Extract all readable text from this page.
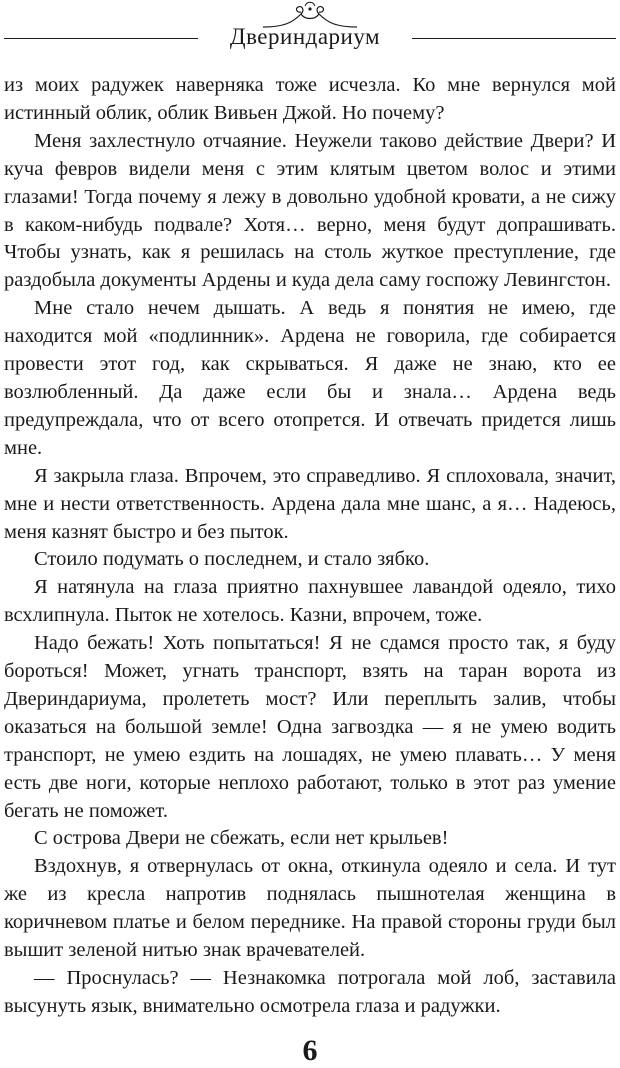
Двериндариум

из моих радужек наверняка тоже исчезла. Ко мне вернулся мой истинный облик, облик Вивьен Джой. Но почему?

Меня захлестнуло отчаяние. Неужели таково действие Двери? И куча февров видели меня с этим клятым цветом волос и этими глазами! Тогда почему я лежу в довольно удобной кровати, а не сижу в каком-нибудь подвале? Хотя… верно, меня будут допрашивать. Чтобы узнать, как я решилась на столь жуткое преступление, где раздобыла документы Ардены и куда дела саму госпожу Левингстон.

Мне стало нечем дышать. А ведь я понятия не имею, где находится мой «подлинник». Ардена не говорила, где собирается провести этот год, как скрываться. Я даже не знаю, кто ее возлюбленный. Да даже если бы и знала… Ардена ведь предупреждала, что от всего отопрется. И отвечать придется лишь мне.

Я закрыла глаза. Впрочем, это справедливо. Я сплоховала, значит, мне и нести ответственность. Ардена дала мне шанс, а я… Надеюсь, меня казнят быстро и без пыток.

Стоило подумать о последнем, и стало зябко.

Я натянула на глаза приятно пахнувшее лавандой одеяло, тихо всхлипнула. Пыток не хотелось. Казни, впрочем, тоже.

Надо бежать! Хоть попытаться! Я не сдамся просто так, я буду бороться! Может, угнать транспорт, взять на таран ворота из Двериндариума, пролететь мост? Или переплыть залив, чтобы оказаться на большой земле! Одна загвоздка — я не умею водить транспорт, не умею ездить на лошадях, не умею плавать… У меня есть две ноги, которые неплохо работают, только в этот раз умение бегать не поможет.

С острова Двери не сбежать, если нет крыльев!

Вздохнув, я отвернулась от окна, откинула одеяло и села. И тут же из кресла напротив поднялась пышнотелая женщина в коричневом платье и белом переднике. На правой стороны груди был вышит зеленой нитью знак врачевателей.

— Проснулась? — Незнакомка потрогала мой лоб, заставила высунуть язык, внимательно осмотрела глаза и радужки.

6
